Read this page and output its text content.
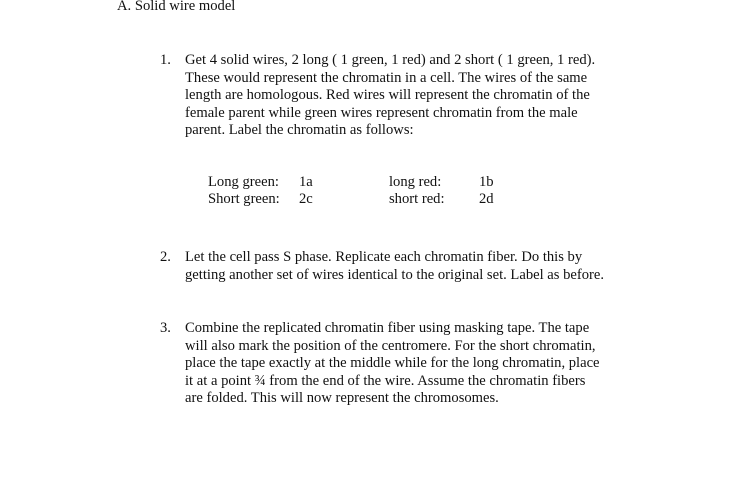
A. Solid wire model
1. Get 4 solid wires, 2 long ( 1 green, 1 red) and 2 short ( 1 green, 1 red).
These would represent the chromatin in a cell. The wires of the same
length are homologous. Red wires will represent the chromatin of the
female parent while green wires represent chromatin from the male
parent. Label the chromatin as follows:
Long green: 1a
Short green: 2c
long red:	1b
short red: 2d
2. Let the cell pass S phase. Replicate each chromatin fiber. Do this by
getting another set of wires identical to the original set. Label as before.
3. Combine the replicated chromatin fiber using masking tape. The tape
will also mark the position of the centromere. For the short chromatin,
place the tape exactly at the middle while for the long chromatin, place
it at a point ¾ from the end of the wire. Assume the chromatin fibers
are folded. This will now represent the chromosomes.
